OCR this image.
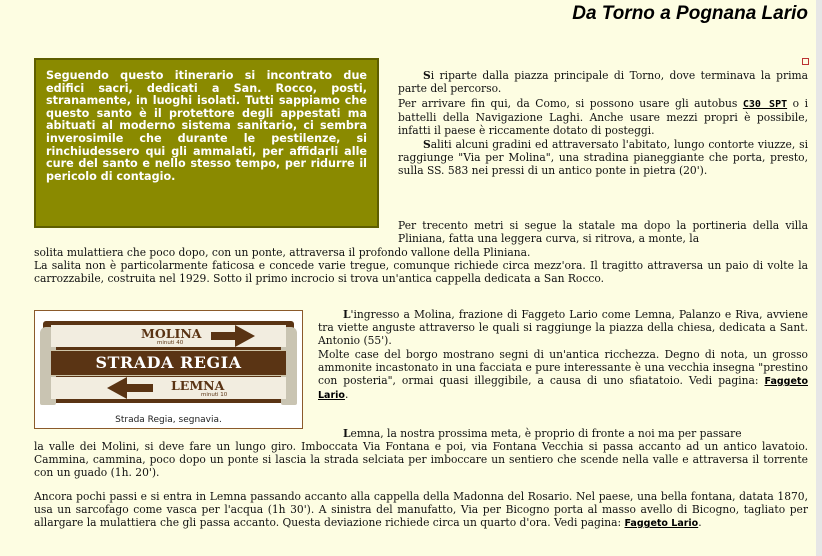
Da Torno a Pognana Lario

Seguendo questo itinerario si incontrato due edifici sacri, dedicati a San. Rocco, posti, stranamente, in luoghi isolati. Tutti sappiamo che questo santo è il protettore degli appestati ma abituati al moderno sistema sanitario, ci sembra inverosimile che durante le pestilenze, si rinchiudessero qui gli ammalati, per affidarli alle cure del santo e nello stesso tempo, per ridurre il pericolo di contagio.

Si riparte dalla piazza principale di Torno, dove terminava la prima parte del percorso.

Per arrivare fin qui, da Como, si possono usare gli autobus C30 SPT o i battelli della Navigazione Laghi. Anche usare mezzi propri è possibile, infatti il paese è riccamente dotato di posteggi.

Saliti alcuni gradini ed attraversato l'abitato, lungo contorte viuzze, si raggiunge "Via per Molina", una stradina pianeggiante che porta, presto, sulla SS. 583 nei pressi di un antico ponte in pietra (20').

Per trecento metri si segue la statale ma dopo la portineria della villa Pliniana, fatta una leggera curva, si ritrova, a monte, la

solita mulattiera che poco dopo, con un ponte, attraversa il profondo vallone della Pliniana.

La salita non è particolarmente faticosa e concede varie tregue, comunque richiede circa mezz'ora. Il tragitto attraversa un paio di volte la carrozzabile, costruita nel 1929. Sotto il primo incrocio si trova un'antica cappella dedicata a San Rocco.

MOLINA
minuti 40
STRADA REGIA
LEMNA
minuti 10
Strada Regia, segnavia.

L'ingresso a Molina, frazione di Faggeto Lario come Lemna, Palanzo e Riva, avviene tra viette anguste attraverso le quali si raggiunge la piazza della chiesa, dedicata a Sant. Antonio (55').

Molte case del borgo mostrano segni di un'antica ricchezza. Degno di nota, un grosso ammonite incastonato in una facciata e pure interessante è una vecchia insegna "prestino con posteria", ormai quasi illeggibile, a causa di uno sfiatatoio. Vedi pagina: Faggeto Lario.

Lemna, la nostra prossima meta, è proprio di fronte a noi ma per passare

la valle dei Molini, si deve fare un lungo giro. Imboccata Via Fontana e poi, via Fontana Vecchia si passa accanto ad un antico lavatoio. Cammina, cammina, poco dopo un ponte si lascia la strada selciata per imboccare un sentiero che scende nella valle e attraversa il torrente con un guado (1h. 20').

Ancora pochi passi e si entra in Lemna passando accanto alla cappella della Madonna del Rosario. Nel paese, una bella fontana, datata 1870, usa un sarcofago come vasca per l'acqua (1h 30'). A sinistra del manufatto, Via per Bicogno porta al masso avello di Bicogno, tagliato per allargare la mulattiera che gli passa accanto. Questa deviazione richiede circa un quarto d'ora. Vedi pagina: Faggeto Lario.
